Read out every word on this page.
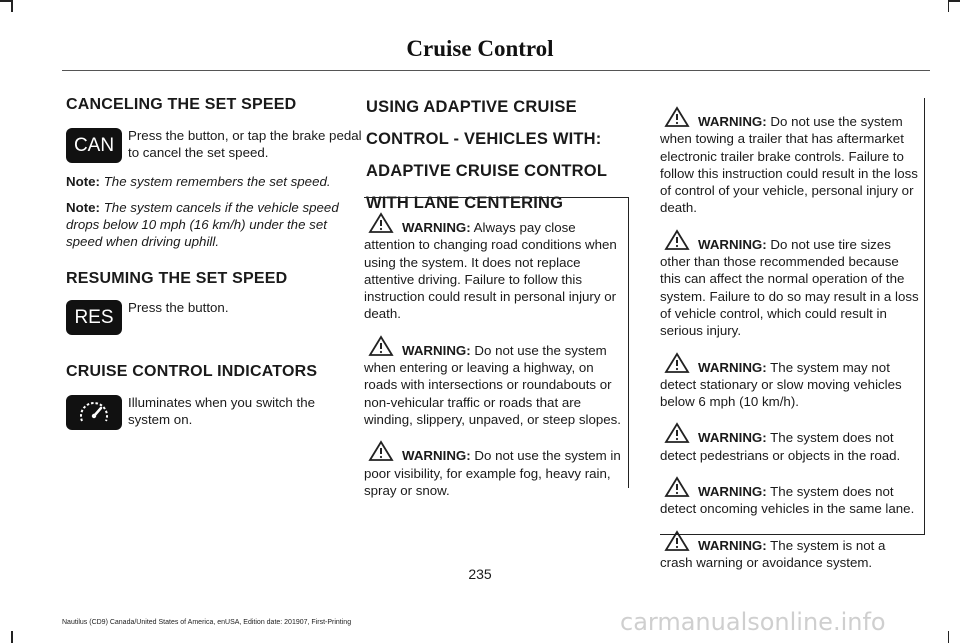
Cruise Control
CANCELING THE SET SPEED
CAN	Press the button, or tap the brake pedal to cancel the set speed.

Note: The system remembers the set speed.

Note: The system cancels if the vehicle speed drops below 10 mph (16 km/h) under the set speed when driving uphill.

RESUMING THE SET SPEED
RES	Press the button.

CRUISE CONTROL INDICATORS

Illuminates when you switch the system on.

USING ADAPTIVE CRUISE
CONTROL - VEHICLES WITH:
ADAPTIVE CRUISE CONTROL
WITH LANE CENTERING

WARNING: Always pay close attention to changing road conditions when using the system. It does not replace attentive driving. Failure to follow this instruction could result in personal injury or death.

WARNING: Do not use the system when entering or leaving a highway, on roads with intersections or roundabouts or non-vehicular traffic or roads that are winding, slippery, unpaved, or steep slopes.

WARNING: Do not use the system in poor visibility, for example fog, heavy rain, spray or snow.

WARNING: Do not use the system when towing a trailer that has aftermarket electronic trailer brake controls. Failure to follow this instruction could result in the loss of control of your vehicle, personal injury or death.

WARNING: Do not use tire sizes other than those recommended because this can affect the normal operation of the system. Failure to do so may result in a loss of vehicle control, which could result in serious injury.

WARNING: The system may not detect stationary or slow moving vehicles below 6 mph (10 km/h).

WARNING: The system does not detect pedestrians or objects in the road.

WARNING: The system does not detect oncoming vehicles in the same lane.

WARNING: The system is not a crash warning or avoidance system.

235
Nautilus (CD9) Canada/United States of America, enUSA, Edition date: 201907, First-Printing	carmanualsonline.info
